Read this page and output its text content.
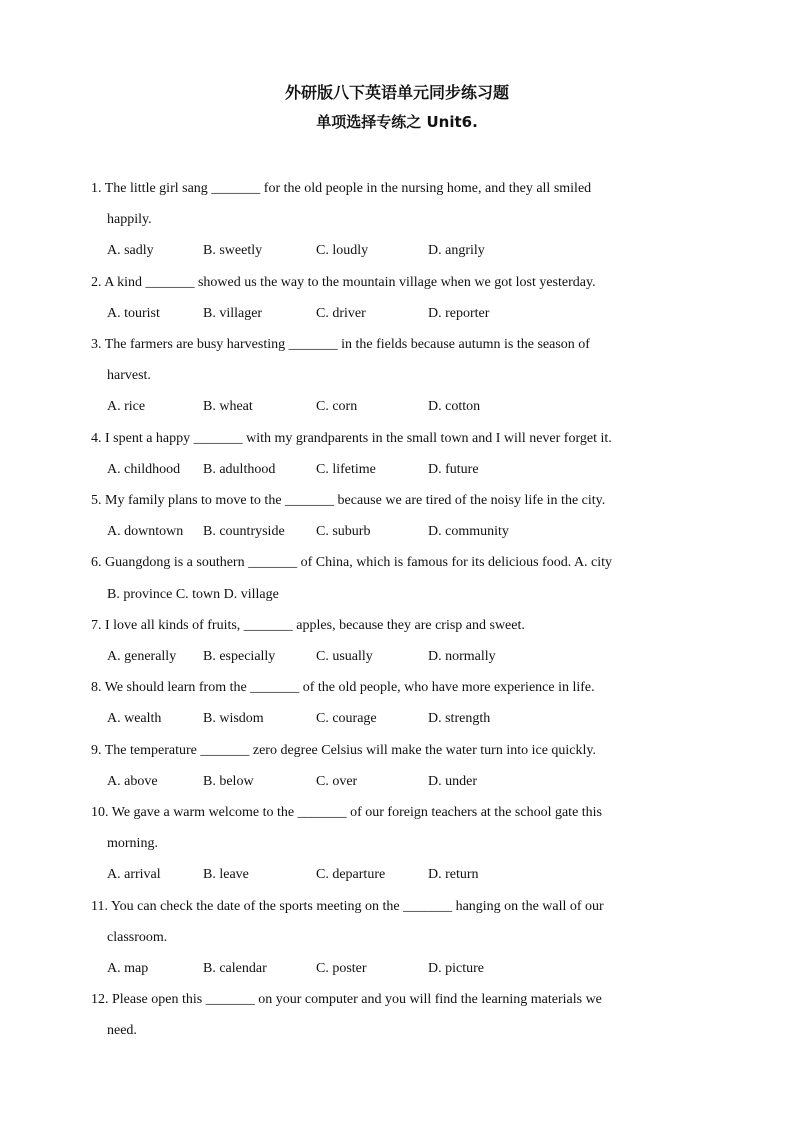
外研版八下英语单元同步练习题
单项选择专练之 Unit6.
1. The little girl sang _______ for the old people in the nursing home, and they all smiled
happily.
A. sadly	B. sweetly	C. loudly	D. angrily
2. A kind _______ showed us the way to the mountain village when we got lost yesterday.
A. tourist	B. villager	C. driver	D. reporter
3. The farmers are busy harvesting _______ in the fields because autumn is the season of
harvest.
A. rice	B. wheat	C. corn	D. cotton
4. I spent a happy _______ with my grandparents in the small town and I will never forget it.
A. childhood B. adulthood	C. lifetime	D. future
5. My family plans to move to the _______ because we are tired of the noisy life in the city.
A. downtown B. countryside C. suburb	D. community
6. Guangdong is a southern _______ of China, which is famous for its delicious food. A. city
B. province C. town D. village
7. I love all kinds of fruits, _______ apples, because they are crisp and sweet.
A. generally B. especially	C. usually	D. normally
8. We should learn from the _______ of the old people, who have more experience in life.
A. wealth	B. wisdom	C. courage	D. strength
9. The temperature _______ zero degree Celsius will make the water turn into ice quickly.
A. above	B. below	C. over	D. under
10. We gave a warm welcome to the _______ of our foreign teachers at the school gate this
morning.
A. arrival	B. leave	C. departure	D. return
11. You can check the date of the sports meeting on the _______ hanging on the wall of our
classroom.
A. map	B. calendar	C. poster	D. picture
12. Please open this _______ on your computer and you will find the learning materials we
need.
